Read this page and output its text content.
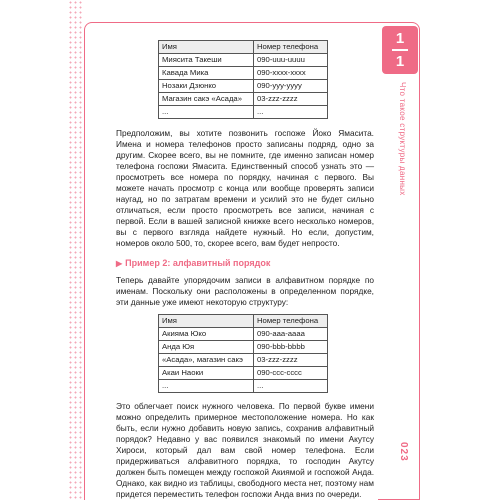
1
1
Что такое структуры данных
023
Имя	Номер телефона
Миясита Такеши	090-uuu-uuuu
Кавада Мика	090-xxxx-xxxx
Нозаки Дзюнко	090-yyy-yyyy
Магазин сакэ «Асада»	03-zzz-zzzz
...	...

Предположим, вы хотите позвонить госпоже Йоко Ямасита. Имена и номера телефонов просто записаны подряд, одно за другим. Скорее всего, вы не помните, где именно записан номер телефона госпожи Ямасита. Единственный способ узнать это — просмотреть все номера по порядку, начиная с первого. Вы можете начать просмотр с конца или вообще проверять записи наугад, но по затратам времени и усилий это не будет сильно отличаться, если просто просмотреть все записи, начиная с первой. Если в вашей записной книжке всего несколько номеров, вы с первого взгляда найдете нужный. Но если, допустим, номеров около 500, то, скорее всего, вам будет непросто.

▶ Пример 2: алфавитный порядок

Теперь давайте упорядочим записи в алфавитном порядке по именам. Поскольку они расположены в определенном порядке, эти данные уже имеют некоторую структуру:

Имя	Номер телефона
Акияма Юко	090-aaa-aaaa
Анда Юя	090-bbb-bbbb
«Асада», магазин сакэ	03-zzz-zzzz
Акаи Наоки	090-ccc-cccc
...	...

Это облегчает поиск нужного человека. По первой букве имени можно определить примерное местоположение номера. Но как быть, если нужно добавить новую запись, сохранив алфавитный порядок? Недавно у вас появился знакомый по имени Акутсу Хироси, который дал вам свой номер телефона. Если придерживаться алфавитного порядка, то господин Акутсу должен быть помещен между госпожой Акиямой и госпожой Анда. Однако, как видно из таблицы, свободного места нет, поэтому нам придется переместить телефон госпожи Анда вниз по очереди.
